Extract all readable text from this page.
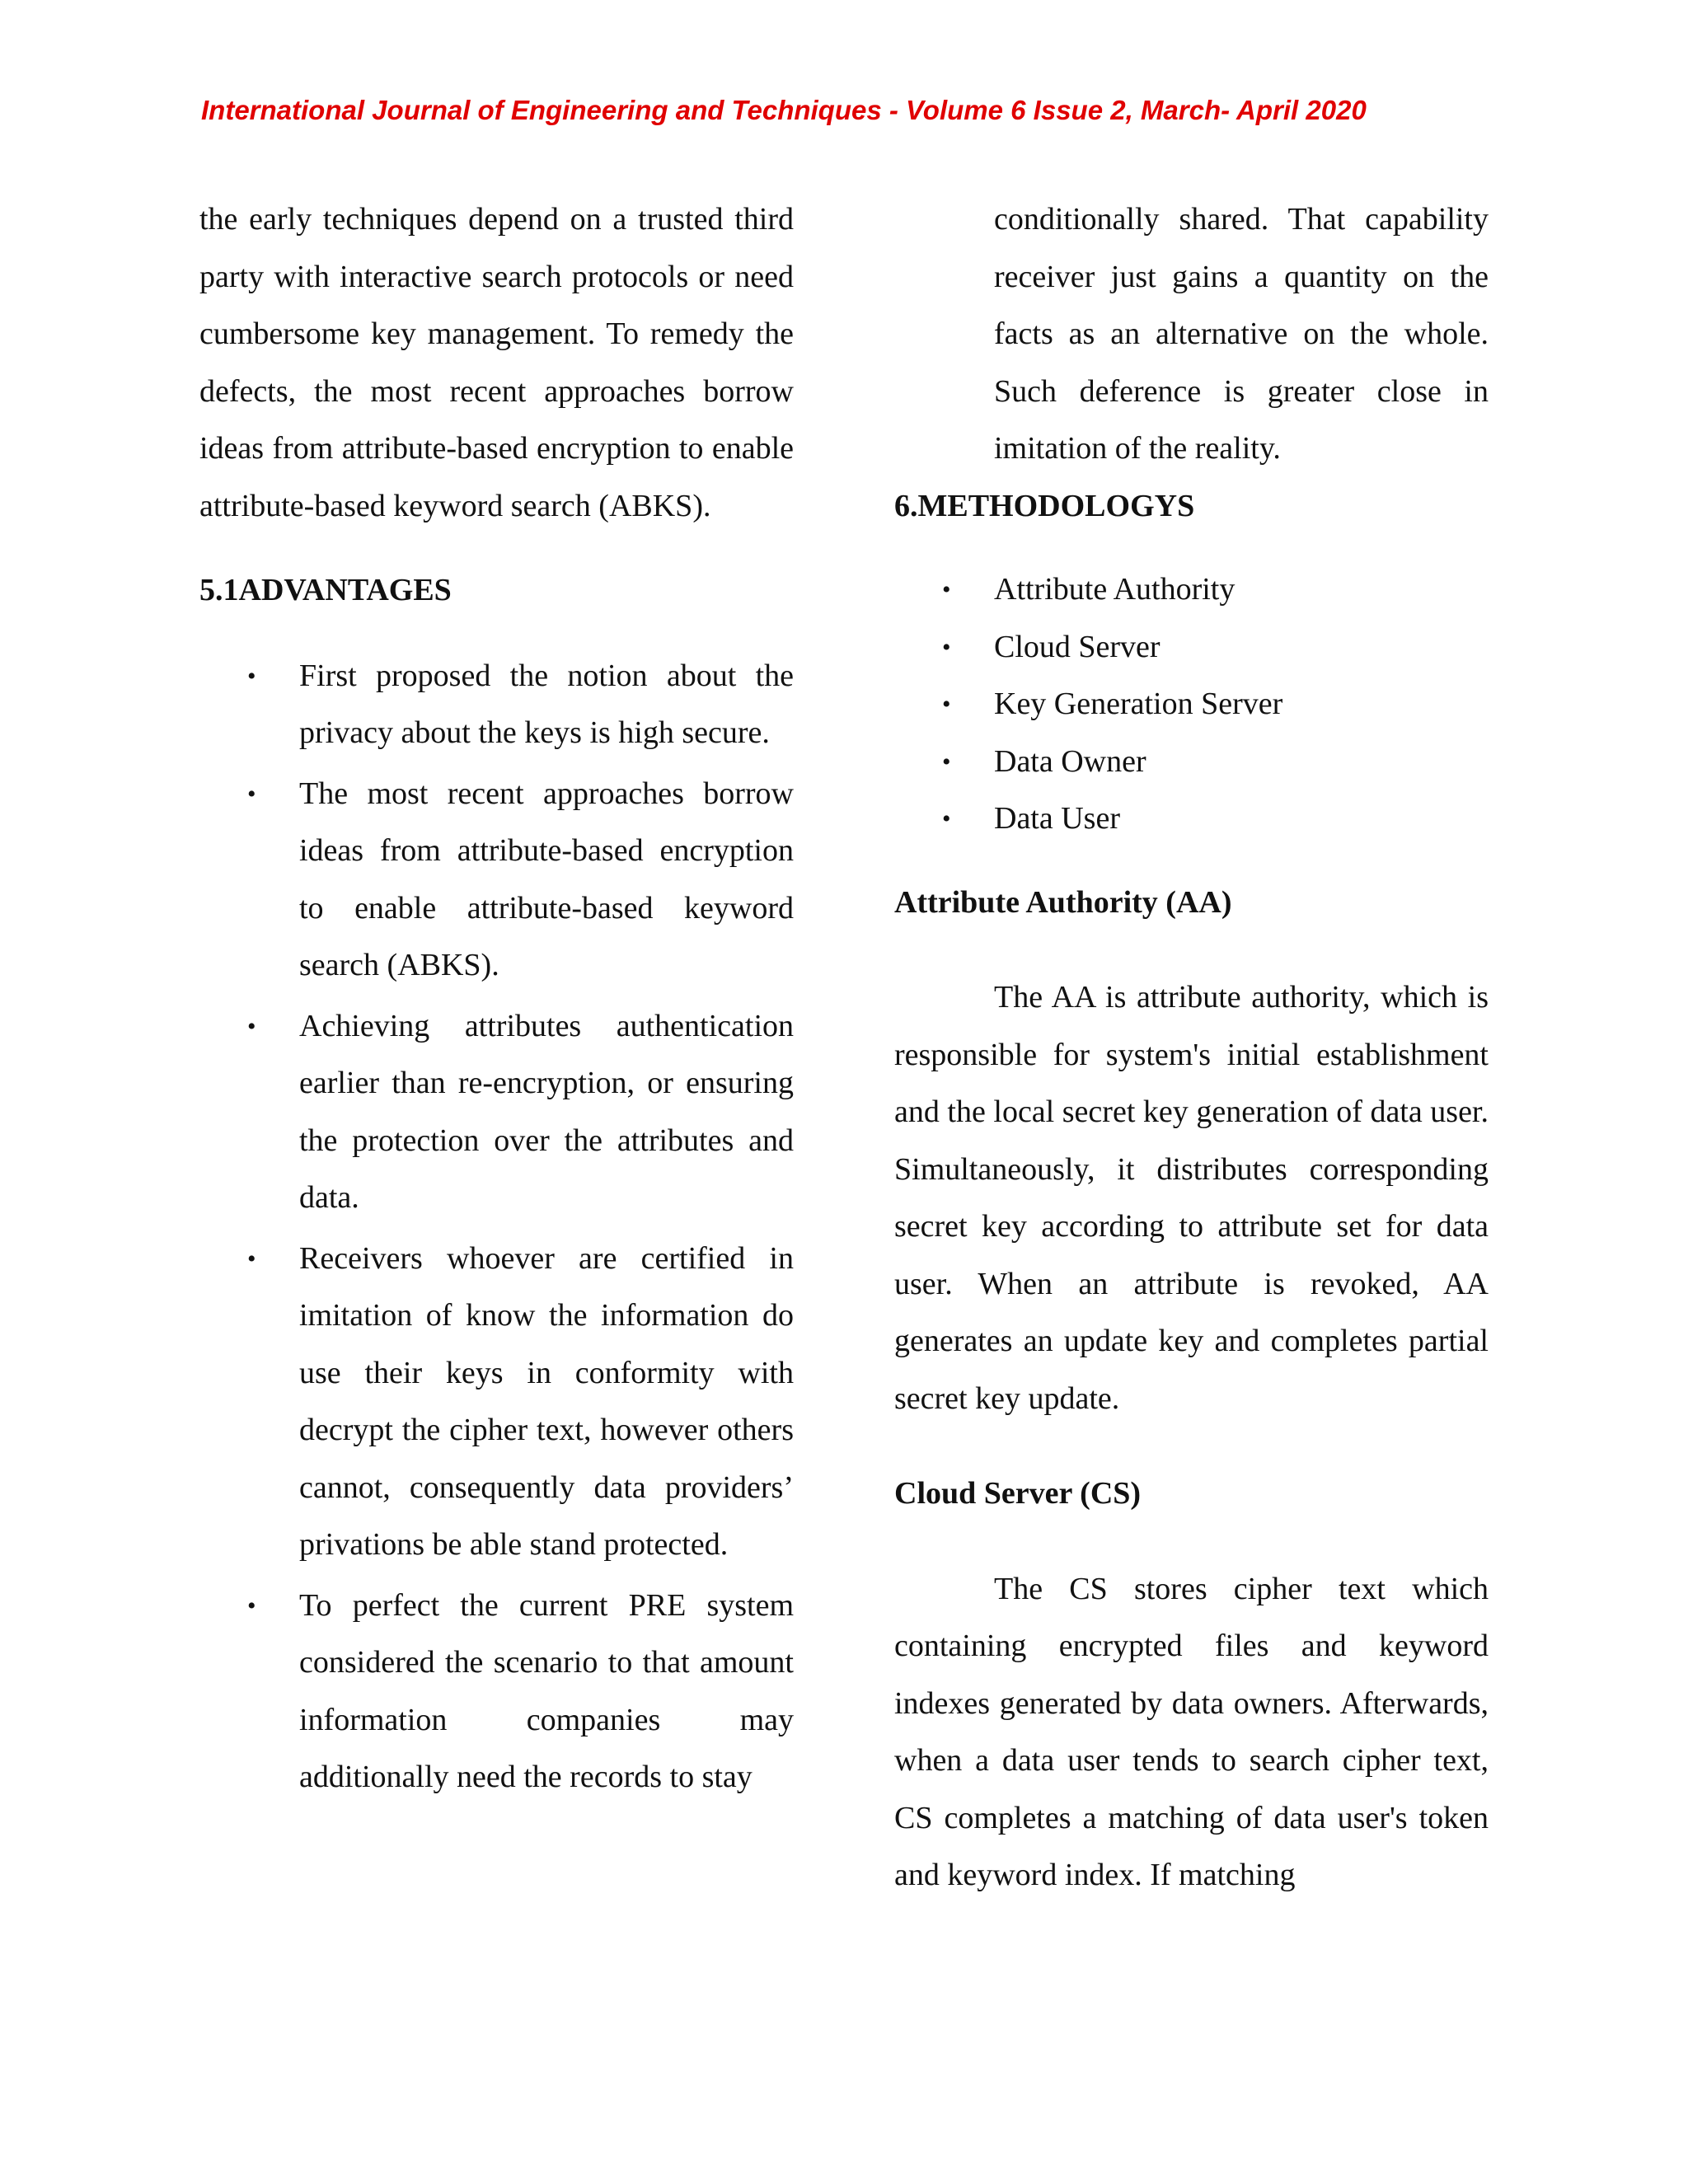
International Journal of Engineering and Techniques - Volume 6 Issue 2, March- April 2020

the early techniques depend on a trusted third party with interactive search protocols or need cumbersome key management. To remedy the defects, the most recent approaches borrow ideas from attribute-based encryption to enable attribute-based keyword search (ABKS).

5.1ADVANTAGES
• First proposed the notion about the privacy about the keys is high secure.
• The most recent approaches borrow ideas from attribute-based encryption to enable attribute-based keyword search (ABKS).
• Achieving attributes authentication earlier than re-encryption, or ensuring the protection over the attributes and data.
• Receivers whoever are certified in imitation of know the information do use their keys in conformity with decrypt the cipher text, however others cannot, consequently data providers’ privations be able stand protected.
• To perfect the current PRE system considered the scenario to that amount information companies may additionally need the records to stay

conditionally shared. That capability receiver just gains a quantity on the facts as an alternative on the whole. Such deference is greater close in imitation of the reality.

6.METHODOLOGYS
• Attribute Authority
• Cloud Server
• Key Generation Server
• Data Owner
• Data User
Attribute Authority (AA)

The AA is attribute authority, which is responsible for system's initial establishment and the local secret key generation of data user. Simultaneously, it distributes corresponding secret key according to attribute set for data user. When an attribute is revoked, AA generates an update key and completes partial secret key update.

Cloud Server (CS)

The CS stores cipher text which containing encrypted files and keyword indexes generated by data owners. Afterwards, when a data user tends to search cipher text, CS completes a matching of data user's token and keyword index. If matching
